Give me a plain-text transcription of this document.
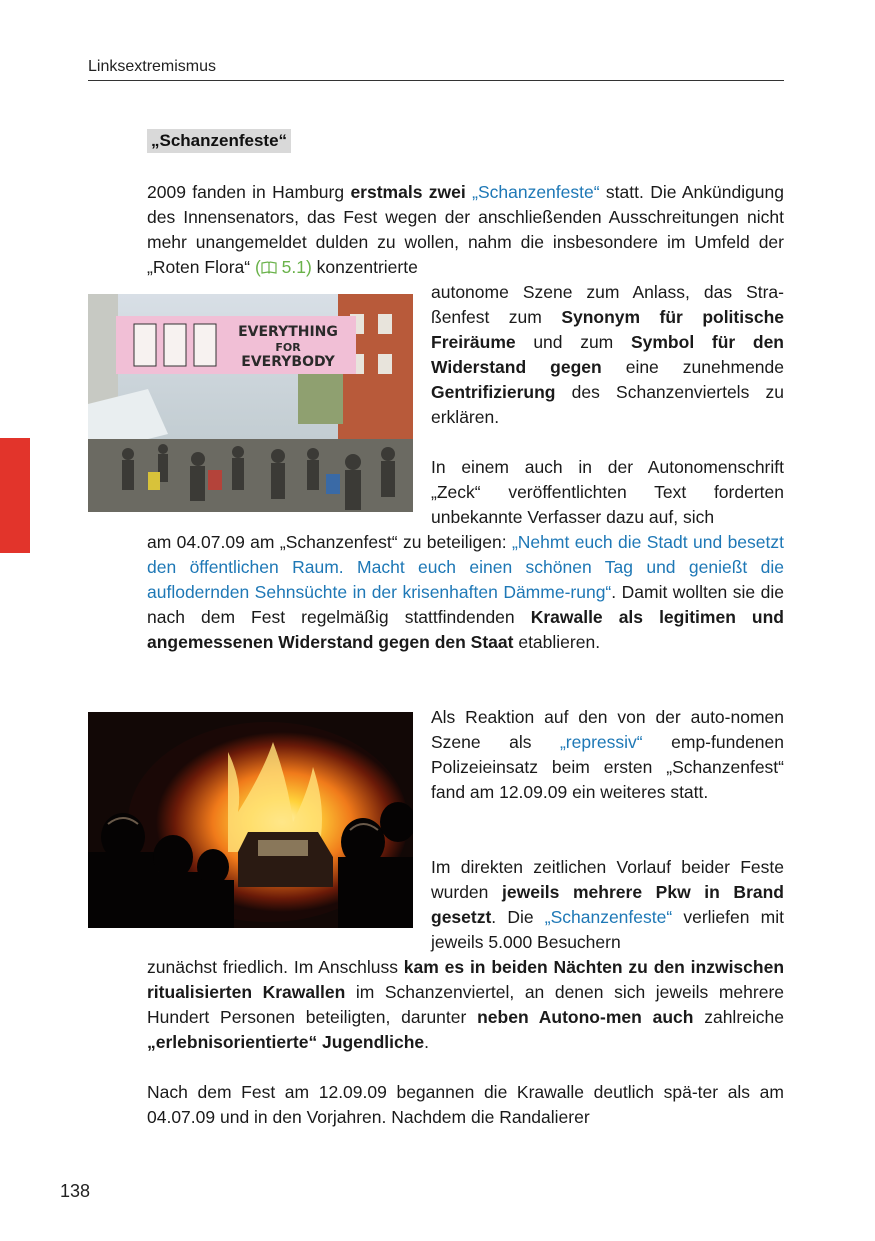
Linksextremismus
„Schanzenfeste“
2009 fanden in Hamburg erstmals zwei „Schanzenfeste“ statt. Die Ankündigung des Innensenators, das Fest wegen der anschließenden Ausschreitungen nicht mehr unangemeldet dulden zu wollen, nahm die insbesondere im Umfeld der „Roten Flora“ ( 5.1) konzentrierte
EVERYTHING
FOR
EVERYBODY
autonome Szene zum Anlass, das Stra-ßenfest zum Synonym für politische Freiräume und zum Symbol für den Widerstand gegen eine zunehmende Gentrifizierung des Schanzenviertels zu erklären.
In einem auch in der Autonomenschrift „Zeck“ veröffentlichten Text forderten unbekannte Verfasser dazu auf, sich
am 04.07.09 am „Schanzenfest“ zu beteiligen: „Nehmt euch die Stadt und besetzt den öffentlichen Raum. Macht euch einen schönen Tag und genießt die auflodernden Sehnsüchte in der krisenhaften Dämme-rung“. Damit wollten sie die nach dem Fest regelmäßig stattfindenden Krawalle als legitimen und angemessenen Widerstand gegen den Staat etablieren.
Als Reaktion auf den von der auto-nomen Szene als „repressiv“ emp-fundenen Polizeieinsatz beim ersten „Schanzenfest“ fand am 12.09.09 ein weiteres statt.
Im direkten zeitlichen Vorlauf beider Feste wurden jeweils mehrere Pkw in Brand gesetzt. Die „Schanzenfeste“ verliefen mit jeweils 5.000 Besuchern
zunächst friedlich. Im Anschluss kam es in beiden Nächten zu den inzwischen ritualisierten Krawallen im Schanzenviertel, an denen sich jeweils mehrere Hundert Personen beteiligten, darunter neben Autono-men auch zahlreiche „erlebnisorientierte“ Jugendliche.
Nach dem Fest am 12.09.09 begannen die Krawalle deutlich spä-ter als am 04.07.09 und in den Vorjahren. Nachdem die Randalierer
138
